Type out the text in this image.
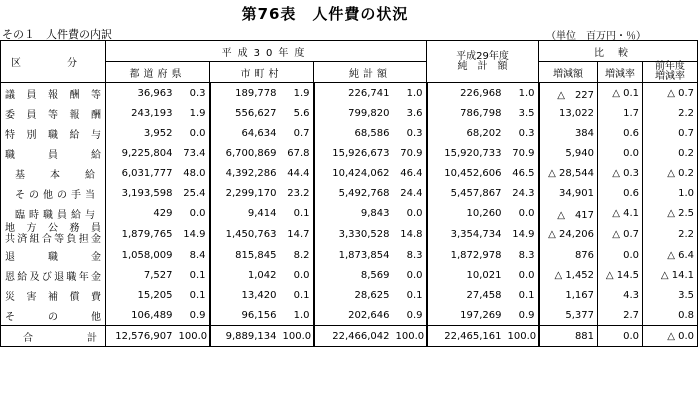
第76表　人件費の状況
その１　人件費の内訳	（単位　百万円・％）
区　分	平成30年度						平成29年度
純　計　額		比較		
	都道府県		市町村		純計額				増減額	増減率	前年度
増減率

議員報酬等	36,963	0.3	189,778	1.9	226,741	1.0	226,968	1.0	△　227	△ 0.1	△ 0.7
委員等報酬	243,193	1.9	556,627	5.6	799,820	3.6	786,798	3.5	13,022	1.7	2.2
特別職給与	3,952	0.0	64,634	0.7	68,586	0.3	68,202	0.3	384	0.6	0.7
職員給	9,225,804	73.4	6,700,869	67.8	15,926,673	70.9	15,920,733	70.9	5,940	0.0	0.2
基本給	6,031,777	48.0	4,392,286	44.4	10,424,062	46.4	10,452,606	46.5	△ 28,544	△ 0.3	△ 0.2
その他の手当	3,193,598	25.4	2,299,170	23.2	5,492,768	24.4	5,457,867	24.3	34,901	0.6	1.0
臨時職員給与	429	0.0	9,414	0.1	9,843	0.0	10,260	0.0	△　417	△ 4.1	△ 2.5

地方公務員
共済組合等負担金	1,879,765	14.9	1,450,763	14.7	3,330,528	14.8	3,354,734	14.9	△ 24,206	△ 0.7	2.2
退職金	1,058,009	8.4	815,845	8.2	1,873,854	8.3	1,872,978	8.3	876	0.0	△ 6.4
恩給及び退職年金	7,527	0.1	1,042	0.0	8,569	0.0	10,021	0.0	△ 1,452	△ 14.5	△ 14.1
災害補償費	15,205	0.1	13,420	0.1	28,625	0.1	27,458	0.1	1,167	4.3	3.5
その他	106,489	0.9	96,156	1.0	202,646	0.9	197,269	0.9	5,377	2.7	0.8
合計	12,576,907	100.0	9,889,134	100.0	22,466,042	100.0	22,465,161	100.0	881	0.0	△ 0.0
